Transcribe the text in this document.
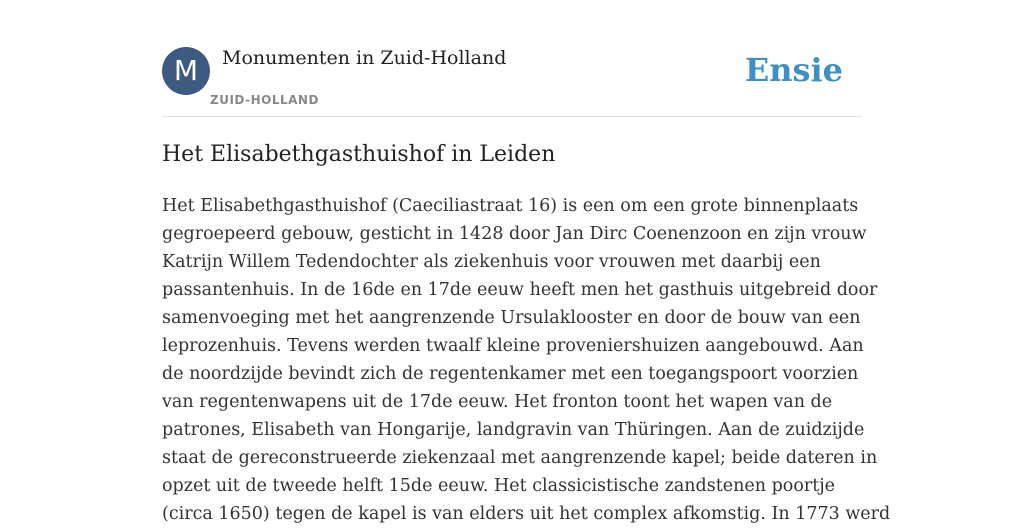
M	Monumenten in Zuid-Holland
ZUID-HOLLAND
Ensie
Het Elisabethgasthuishof in Leiden
Het Elisabethgasthuishof (Caeciliastraat 16) is een om een grote binnenplaats
gegroepeerd gebouw, gesticht in 1428 door Jan Dirc Coenenzoon en zijn vrouw
Katrijn Willem Tedendochter als ziekenhuis voor vrouwen met daarbij een
passantenhuis. In de 16de en 17de eeuw heeft men het gasthuis uitgebreid door
samenvoeging met het aangrenzende Ursulaklooster en door de bouw van een
leprozenhuis. Tevens werden twaalf kleine proveniershuizen aangebouwd. Aan
de noordzijde bevindt zich de regentenkamer met een toegangspoort voorzien
van regentenwapens uit de 17de eeuw. Het fronton toont het wapen van de
patrones, Elisabeth van Hongarije, landgravin van Thüringen. Aan de zuidzijde
staat de gereconstrueerde ziekenzaal met aangrenzende kapel; beide dateren in
opzet uit de tweede helft 15de eeuw. Het classicistische zandstenen poortje
(circa 1650) tegen de kapel is van elders uit het complex afkomstig. In 1773 werd
